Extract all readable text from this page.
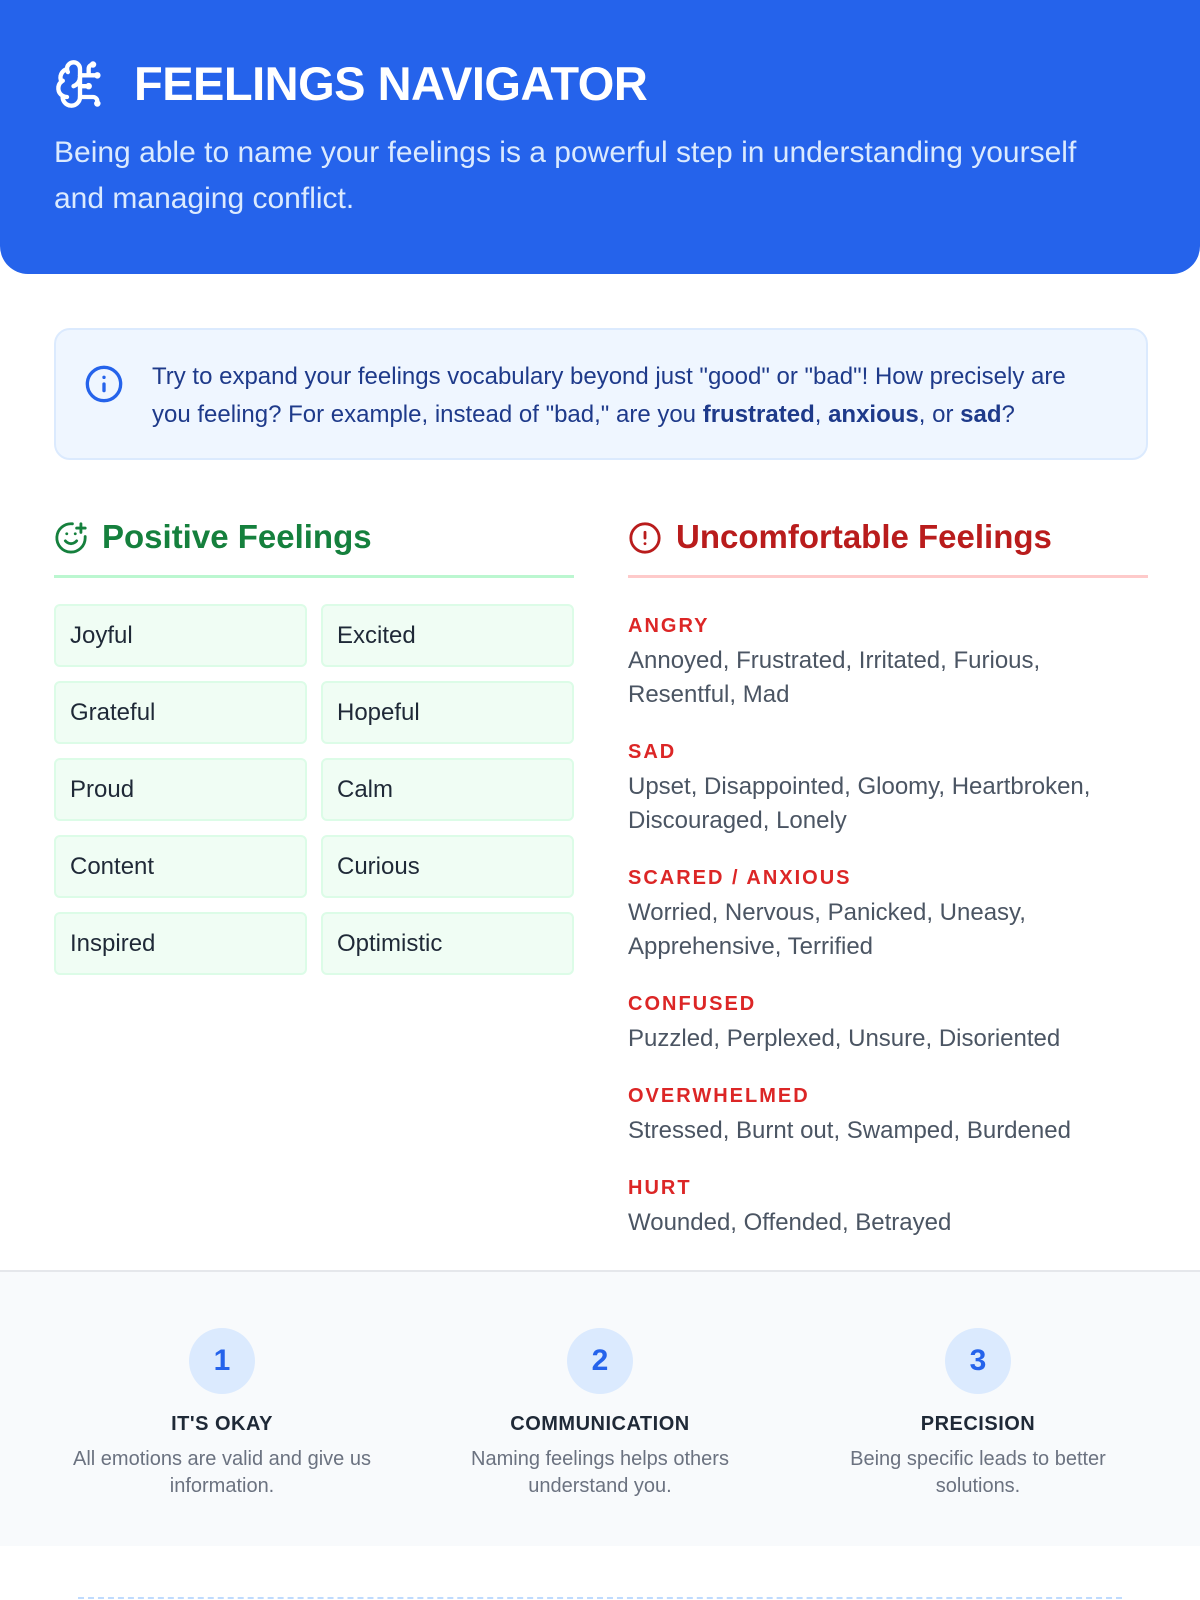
FEELINGS NAVIGATOR

Being able to name your feelings is a powerful step in understanding yourself and managing conflict.

Try to expand your feelings vocabulary beyond just "good" or "bad"! How precisely are you feeling? For example, instead of "bad," are you frustrated, anxious, or sad?

Positive Feelings	Uncomfortable Feelings
Joyful	Excited
Grateful	Hopeful
Proud	Calm
Content	Curious
Inspired	Optimistic
ANGRY
Annoyed, Frustrated, Irritated, Furious, Resentful, Mad
SAD
Upset, Disappointed, Gloomy, Heartbroken, Discouraged, Lonely
SCARED / ANXIOUS
Worried, Nervous, Panicked, Uneasy, Apprehensive, Terrified
CONFUSED
Puzzled, Perplexed, Unsure, Disoriented
OVERWHELMED
Stressed, Burnt out, Swamped, Burdened
HURT
Wounded, Offended, Betrayed
1
IT'S OKAY
All emotions are valid and give us information.
2
COMMUNICATION
Naming feelings helps others understand you.
3
PRECISION
Being specific leads to better solutions.
